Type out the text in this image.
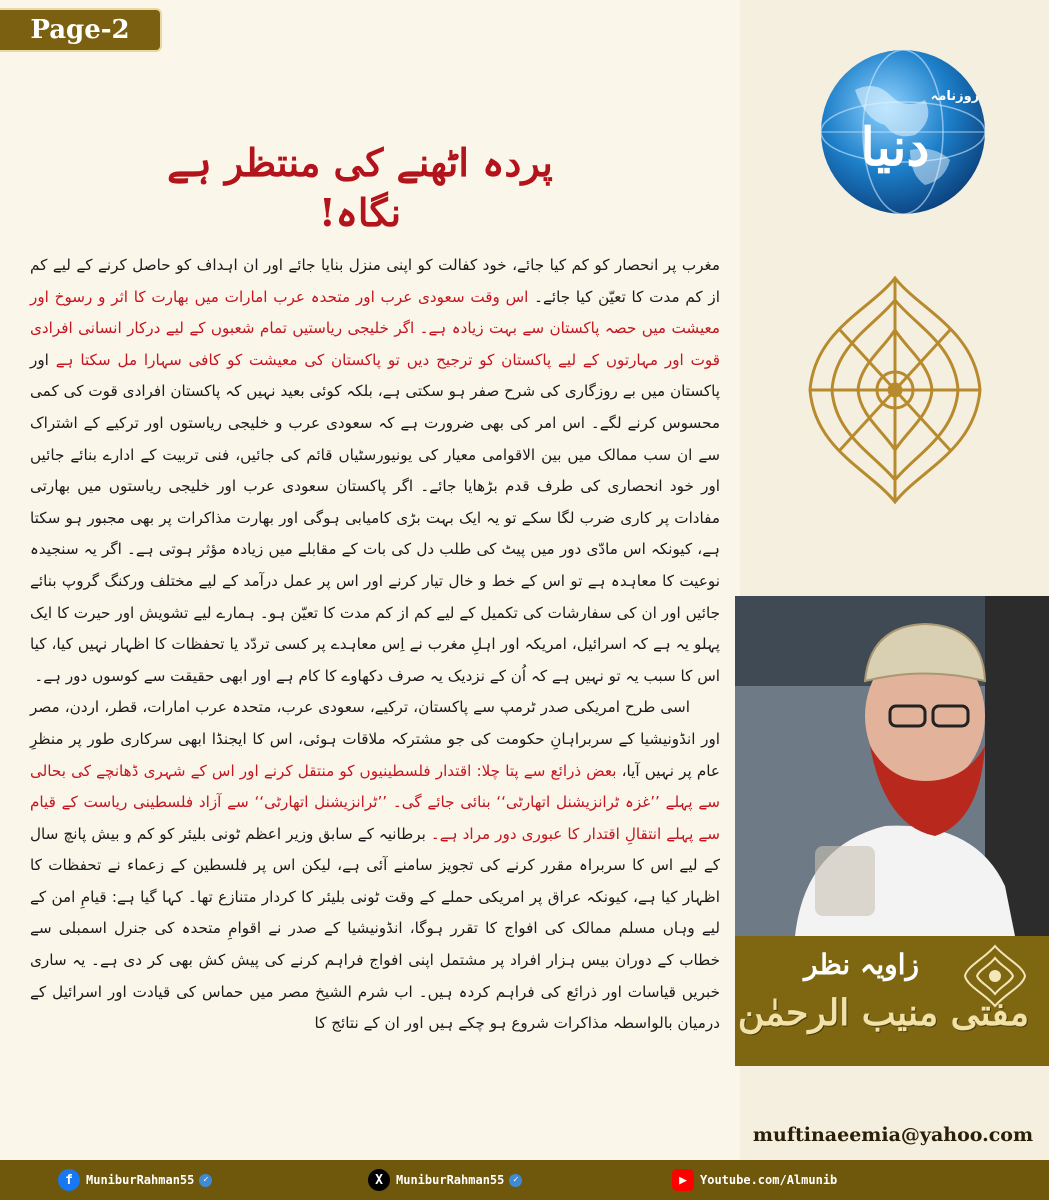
Page-2
پردہ اٹھنے کی منتظر ہے نگاہ!

مغرب پر انحصار کو کم کیا جائے، خود کفالت کو اپنی منزل بنایا جائے اور ان اہداف کو حاصل کرنے کے لیے کم از کم مدت کا تعیّن کیا جائے۔ اس وقت سعودی عرب اور متحدہ عرب امارات میں بھارت کا اثر و رسوخ اور معیشت میں حصہ پاکستان سے بہت زیادہ ہے۔ اگر خلیجی ریاستیں تمام شعبوں کے لیے درکار انسانی افرادی قوت اور مہارتوں کے لیے پاکستان کو ترجیح دیں تو پاکستان کی معیشت کو کافی سہارا مل سکتا ہے اور پاکستان میں بے روزگاری کی شرح صفر ہو سکتی ہے، بلکہ کوئی بعید نہیں کہ پاکستان افرادی قوت کی کمی محسوس کرنے لگے۔ اس امر کی بھی ضرورت ہے کہ سعودی عرب و خلیجی ریاستوں اور ترکیے کے اشتراک سے ان سب ممالک میں بین الاقوامی معیار کی یونیورسٹیاں قائم کی جائیں، فنی تربیت کے ادارے بنائے جائیں اور خود انحصاری کی طرف قدم بڑھایا جائے۔ اگر پاکستان سعودی عرب اور خلیجی ریاستوں میں بھارتی مفادات پر کاری ضرب لگا سکے تو یہ ایک بہت بڑی کامیابی ہوگی اور بھارت مذاکرات پر بھی مجبور ہو سکتا ہے، کیونکہ اس مادّی دور میں پیٹ کی طلب دل کی بات کے مقابلے میں زیادہ مؤثر ہوتی ہے۔ اگر یہ سنجیدہ نوعیت کا معاہدہ ہے تو اس کے خط و خال تیار کرنے اور اس پر عمل درآمد کے لیے مختلف ورکنگ گروپ بنائے جائیں اور ان کی سفارشات کی تکمیل کے لیے کم از کم مدت کا تعیّن ہو۔ ہمارے لیے تشویش اور حیرت کا ایک پہلو یہ ہے کہ اسرائیل، امریکہ اور اہلِ مغرب نے اِس معاہدے پر کسی تردّد یا تحفظات کا اظہار نہیں کیا، کیا اس کا سبب یہ تو نہیں ہے کہ اُن کے نزدیک یہ صرف دکھاوے کا کام ہے اور ابھی حقیقت سے کوسوں دور ہے۔

اسی طرح امریکی صدر ٹرمپ سے پاکستان، ترکیے، سعودی عرب، متحدہ عرب امارات، قطر، اردن، مصر اور انڈونیشیا کے سربراہانِ حکومت کی جو مشترکہ ملاقات ہوئی، اس کا ایجنڈا ابھی سرکاری طور پر منظرِ عام پر نہیں آیا، بعض ذرائع سے پتا چلا: اقتدار فلسطینیوں کو منتقل کرنے اور اس کے شہری ڈھانچے کی بحالی سے پہلے ’’غزہ ٹرانزیشنل اتھارٹی‘‘ بنائی جائے گی۔ ’’ٹرانزیشنل اتھارٹی‘‘ سے آزاد فلسطینی ریاست کے قیام سے پہلے انتقالِ اقتدار کا عبوری دور مراد ہے۔ برطانیہ کے سابق وزیر اعظم ٹونی بلیئر کو کم و بیش پانچ سال کے لیے اس کا سربراہ مقرر کرنے کی تجویز سامنے آئی ہے، لیکن اس پر فلسطین کے زعماء نے تحفظات کا اظہار کیا ہے، کیونکہ عراق پر امریکی حملے کے وقت ٹونی بلیئر کا کردار متنازع تھا۔ کہا گیا ہے: قیامِ امن کے لیے وہاں مسلم ممالک کی افواج کا تقرر ہوگا، انڈونیشیا کے صدر نے اقوامِ متحدہ کی جنرل اسمبلی سے خطاب کے دوران بیس ہزار افراد پر مشتمل اپنی افواج فراہم کرنے کی پیش کش بھی کر دی ہے۔ یہ ساری خبریں قیاسات اور ذرائع کی فراہم کردہ ہیں۔ اب شرم الشیخ مصر میں حماس کی قیادت اور اسرائیل کے درمیان بالواسطہ مذاکرات شروع ہو چکے ہیں اور ان کے نتائج کا

دنیا
روزنامہ
زاویہ نظر
مفتی منیب الرحمٰن
muftinaeemia@yahoo.com
f	MuniburRahman55 ✓	X	MuniburRahman55 ✓	▶	Youtube.com/Almunib
